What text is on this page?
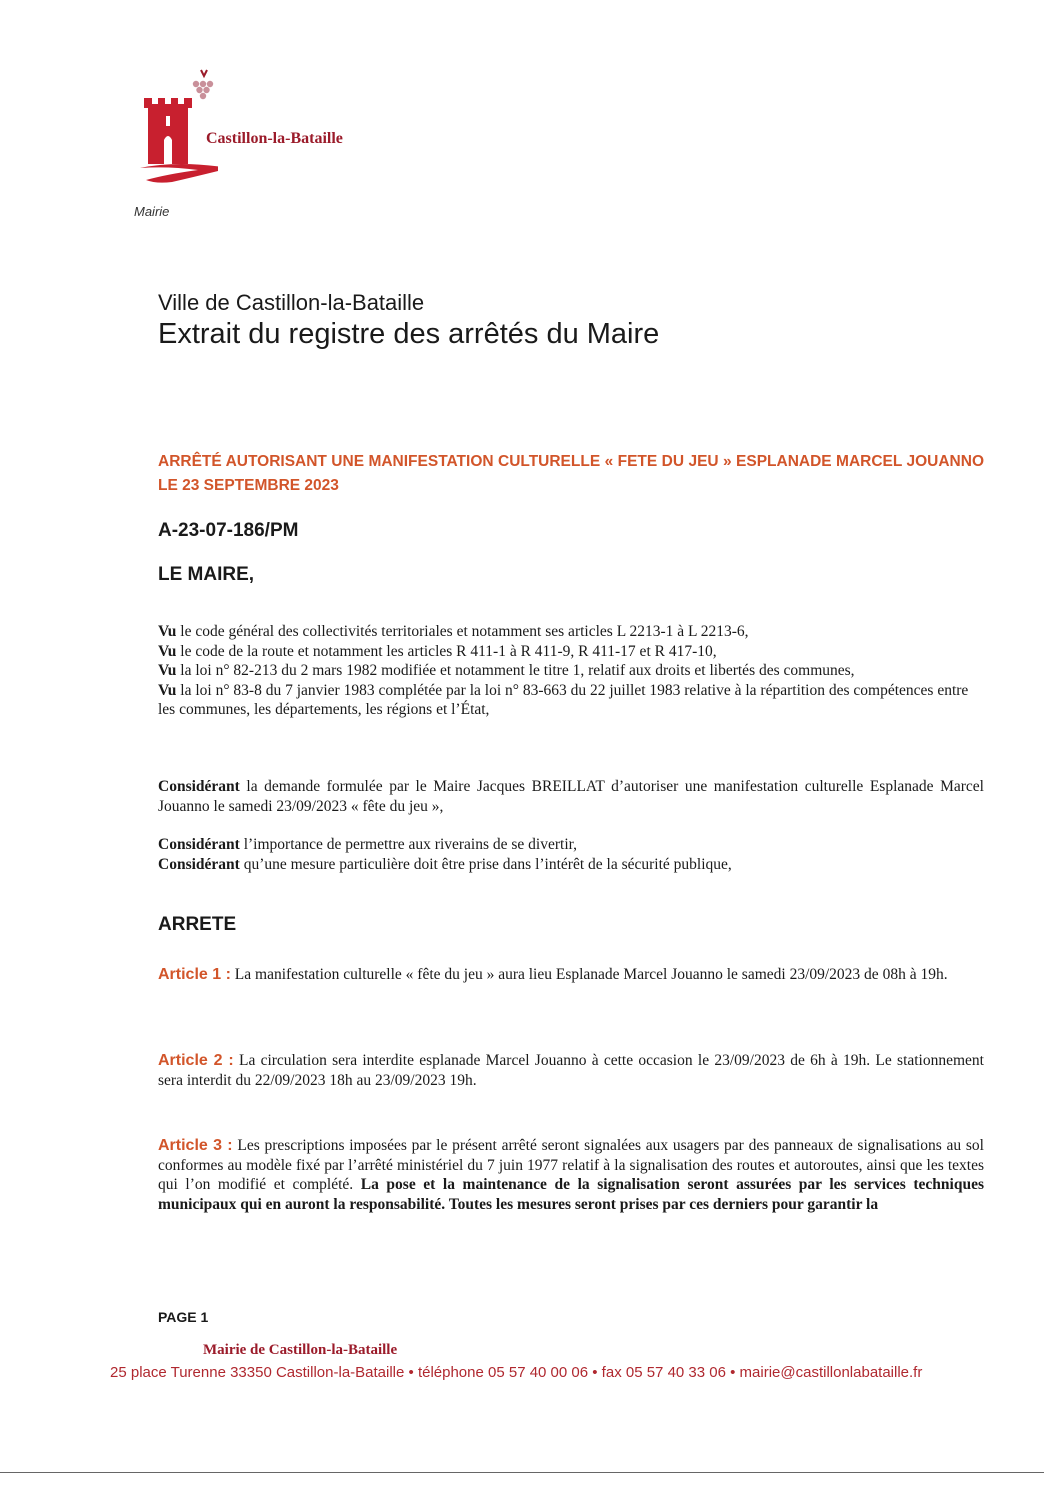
Castillon-la-Bataille
Mairie
Ville de Castillon-la-Bataille
Extrait du registre des arrêtés du Maire
ARRÊTÉ AUTORISANT UNE MANIFESTATION CULTURELLE « FETE DU JEU » ESPLANADE MARCEL JOUANNO LE 23 SEPTEMBRE 2023
A-23-07-186/PM
LE MAIRE,

Vu le code général des collectivités territoriales et notamment ses articles L 2213-1 à L 2213-6,

Vu le code de la route et notamment les articles R 411-1 à R 411-9, R 411-17 et R 417-10,

Vu la loi n° 82-213 du 2 mars 1982 modifiée et notamment le titre 1, relatif aux droits et libertés des communes,

Vu la loi n° 83-8 du 7 janvier 1983 complétée par la loi n° 83-663 du 22 juillet 1983 relative à la répartition des compétences entre les communes, les départements, les régions et l’État,

Considérant la demande formulée par le Maire Jacques BREILLAT d’autoriser une manifestation culturelle Esplanade Marcel Jouanno le samedi 23/09/2023 « fête du jeu »,

Considérant l’importance de permettre aux riverains de se divertir,

Considérant qu’une mesure particulière doit être prise dans l’intérêt de la sécurité publique,

ARRETE
Article 1 : La manifestation culturelle « fête du jeu » aura lieu Esplanade Marcel Jouanno le samedi 23/09/2023 de 08h à 19h.
Article 2 : La circulation sera interdite esplanade Marcel Jouanno à cette occasion le 23/09/2023 de 6h à 19h. Le stationnement sera interdit du 22/09/2023 18h au 23/09/2023 19h.
Article 3 : Les prescriptions imposées par le présent arrêté seront signalées aux usagers par des panneaux de signalisations au sol conformes au modèle fixé par l’arrêté ministériel du 7 juin 1977 relatif à la signalisation des routes et autoroutes, ainsi que les textes qui l’on modifié et complété. La pose et la maintenance de la signalisation seront assurées par les services techniques municipaux qui en auront la responsabilité. Toutes les mesures seront prises par ces derniers pour garantir la
PAGE 1
Mairie de Castillon-la-Bataille
25 place Turenne 33350 Castillon-la-Bataille • téléphone 05 57 40 00 06 • fax 05 57 40 33 06 • mairie@castillonlabataille.fr
